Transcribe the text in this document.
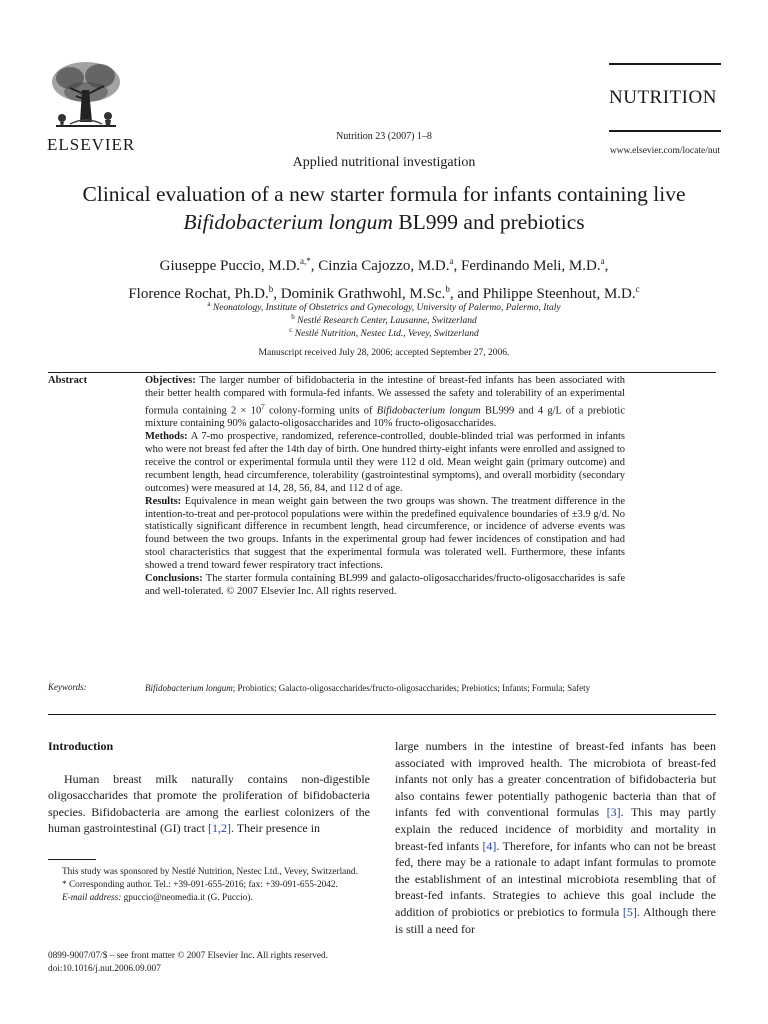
ELSEVIER	Nutrition 23 (2007) 1–8
NUTRITION
www.elsevier.com/locate/nut
Applied nutritional investigation
Clinical evaluation of a new starter formula for infants containing live
Bifidobacterium longum BL999 and prebiotics
Giuseppe Puccio, M.D.$^{a,*}$, Cinzia Cajozzo, M.D.$^a$, Ferdinando Meli, M.D.$^a$,
Florence Rochat, Ph.D.$^b$, Dominik Grathwohl, M.Sc.$^b$, and Philippe Steenhout, M.D.$^c$
$^a$ Neonatology, Institute of Obstetrics and Gynecology, University of Palermo, Palermo, Italy
$^b$ Nestlé Research Center, Lausanne, Switzerland
$^c$ Nestlé Nutrition, Nestec Ltd., Vevey, Switzerland
Manuscript received July 28, 2006; accepted September 27, 2006.
Abstract	Objectives: The larger number of bifidobacteria in the intestine of breast-fed infants has been associated with their better health compared with formula-fed infants. We assessed the safety and tolerability of an experimental formula containing $2 \times 10^7$ colony-forming units of Bifidobacterium longum BL999 and 4 g/L of a prebiotic mixture containing 90% galacto-oligosaccharides and 10% fructo-oligosaccharides.

Methods: A 7-mo prospective, randomized, reference-controlled, double-blinded trial was performed in infants who were not breast fed after the 14th day of birth. One hundred thirty-eight infants were enrolled and assigned to receive the control or experimental formula until they were 112 d old. Mean weight gain (primary outcome) and recumbent length, head circumference, tolerability (gastrointestinal symptoms), and overall morbidity (secondary outcomes) were measured at 14, 28, 56, 84, and 112 d of age.

Results: Equivalence in mean weight gain between the two groups was shown. The treatment difference in the intention-to-treat and per-protocol populations were within the predefined equivalence boundaries of ±3.9 g/d. No statistically significant difference in recumbent length, head circumference, or incidence of adverse events was found between the two groups. Infants in the experimental group had fewer incidences of constipation and had stool characteristics that suggest that the experimental formula was tolerated well. Furthermore, these infants showed a trend toward fewer respiratory tract infections.

Conclusions: The starter formula containing BL999 and galacto-oligosaccharides/fructo-oligosaccharides is safe and well-tolerated. © 2007 Elsevier Inc. All rights reserved.

Keywords:	Bifidobacterium longum; Probiotics; Galacto-oligosaccharides/fructo-oligosaccharides; Prebiotics; Infants; Formula; Safety

Introduction

Human breast milk naturally contains non-digestible oligosaccharides that promote the proliferation of bifidobacteria species. Bifidobacteria are among the earliest colonizers of the human gastrointestinal (GI) tract [1,2]. Their presence in

large numbers in the intestine of breast-fed infants has been associated with improved health. The microbiota of breast-fed infants not only has a greater concentration of bifidobacteria but also contains fewer potentially pathogenic bacteria than that of infants fed with conventional formulas [3]. This may partly explain the reduced incidence of morbidity and mortality in breast-fed infants [4]. Therefore, for infants who can not be breast fed, there may be a rationale to adapt infant formulas to promote the establishment of an intestinal microbiota resembling that of breast-fed infants. Strategies to achieve this goal include the addition of probiotics or prebiotics to formula [5]. Although there is still a need for

This study was sponsored by Nestlé Nutrition, Nestec Ltd., Vevey, Switzerland.

* Corresponding author. Tel.: +39-091-655-2016; fax: +39-091-655-2042.

E-mail address: gpuccio@neomedia.it (G. Puccio).

0899-9007/07/$ – see front matter © 2007 Elsevier Inc. All rights reserved.
doi:10.1016/j.nut.2006.09.007
